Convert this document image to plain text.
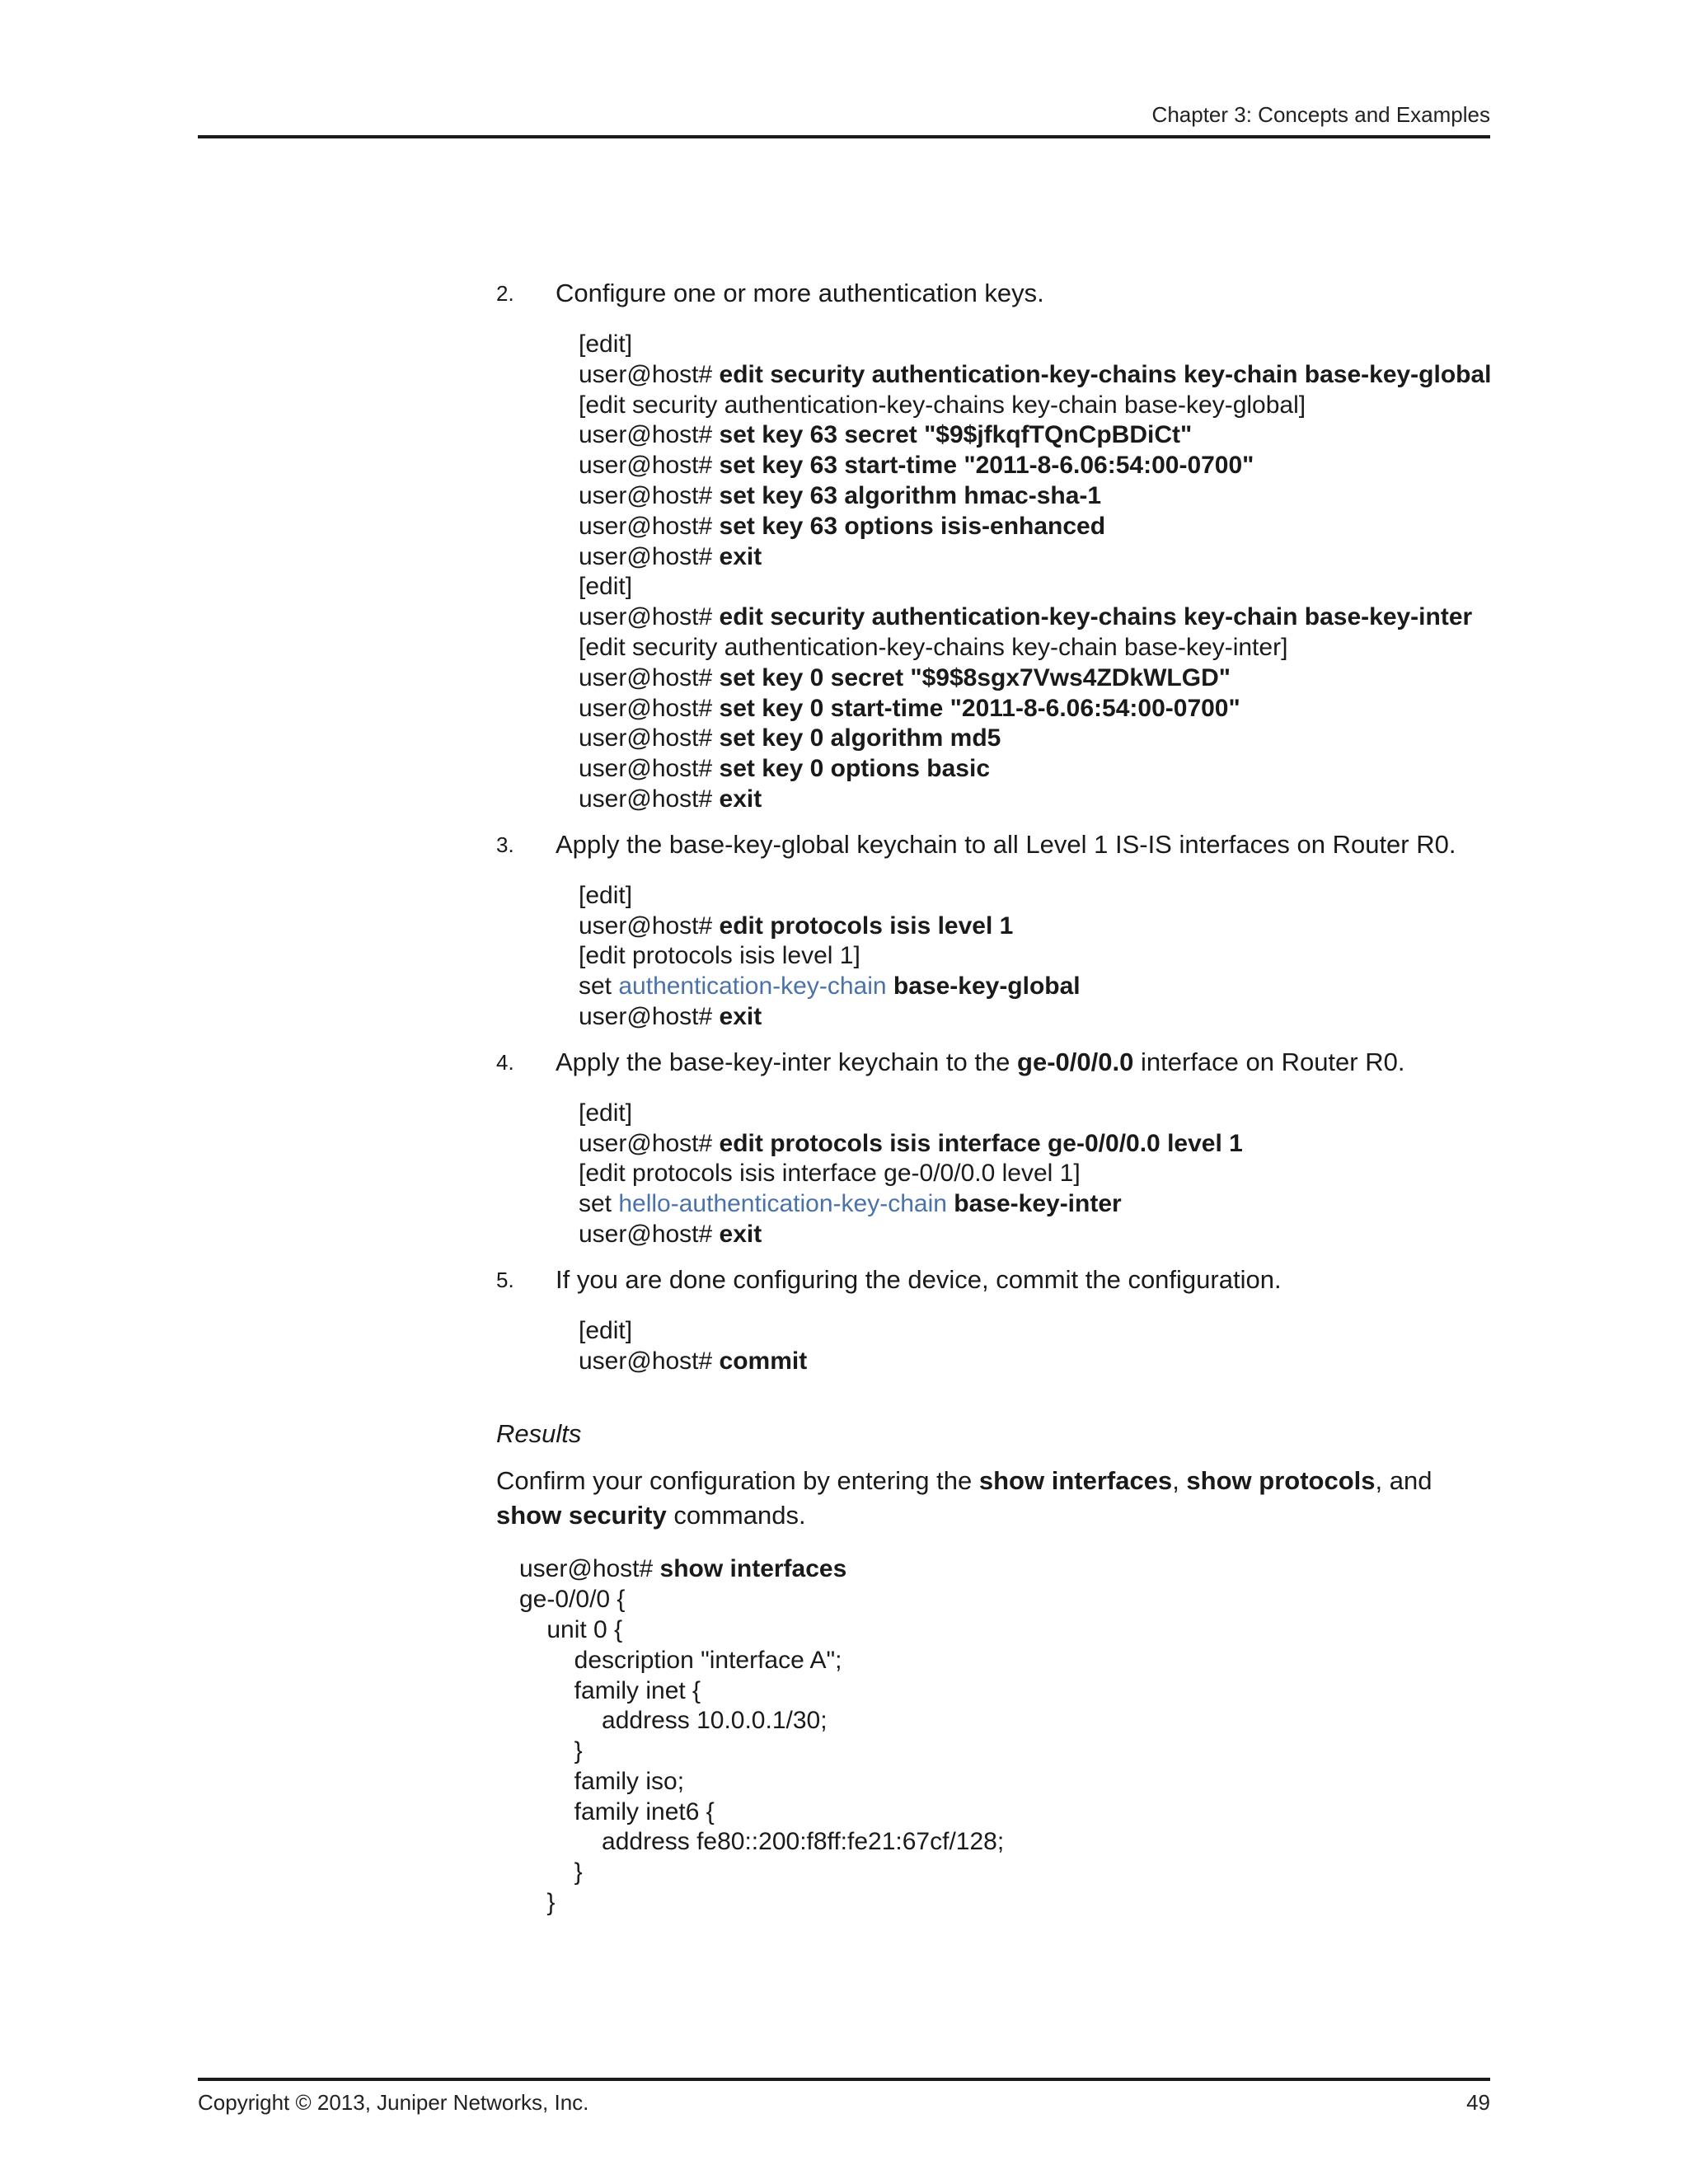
Chapter 3: Concepts and Examples
2.	Configure one or more authentication keys.
[edit]
user@host# edit security authentication-key-chains key-chain base-key-global
[edit security authentication-key-chains key-chain base-key-global]
user@host# set key 63 secret "$9$jfkqfTQnCpBDiCt"
user@host# set key 63 start-time "2011-8-6.06:54:00-0700"
user@host# set key 63 algorithm hmac-sha-1
user@host# set key 63 options isis-enhanced
user@host# exit
[edit]
user@host# edit security authentication-key-chains key-chain base-key-inter
[edit security authentication-key-chains key-chain base-key-inter]
user@host# set key 0 secret "$9$8sgx7Vws4ZDkWLGD"
user@host# set key 0 start-time "2011-8-6.06:54:00-0700"
user@host# set key 0 algorithm md5
user@host# set key 0 options basic
user@host# exit
3.	Apply the base-key-global keychain to all Level 1 IS-IS interfaces on Router R0.
[edit]
user@host# edit protocols isis level 1
[edit protocols isis level 1]
set authentication-key-chain base-key-global
user@host# exit
4.	Apply the base-key-inter keychain to the ge-0/0/0.0 interface on Router R0.
[edit]
user@host# edit protocols isis interface ge-0/0/0.0 level 1
[edit protocols isis interface ge-0/0/0.0 level 1]
set hello-authentication-key-chain base-key-inter
user@host# exit
5.	If you are done configuring the device, commit the configuration.
[edit]
user@host# commit
Results
Confirm your configuration by entering the show interfaces, show protocols, and show security commands.
user@host# show interfaces
ge-0/0/0 {
unit 0 {
description "interface A";
family inet {
address 10.0.0.1/30;
}
family iso;
family inet6 {
address fe80::200:f8ff:fe21:67cf/128;
}
}
Copyright © 2013, Juniper Networks, Inc.	49
